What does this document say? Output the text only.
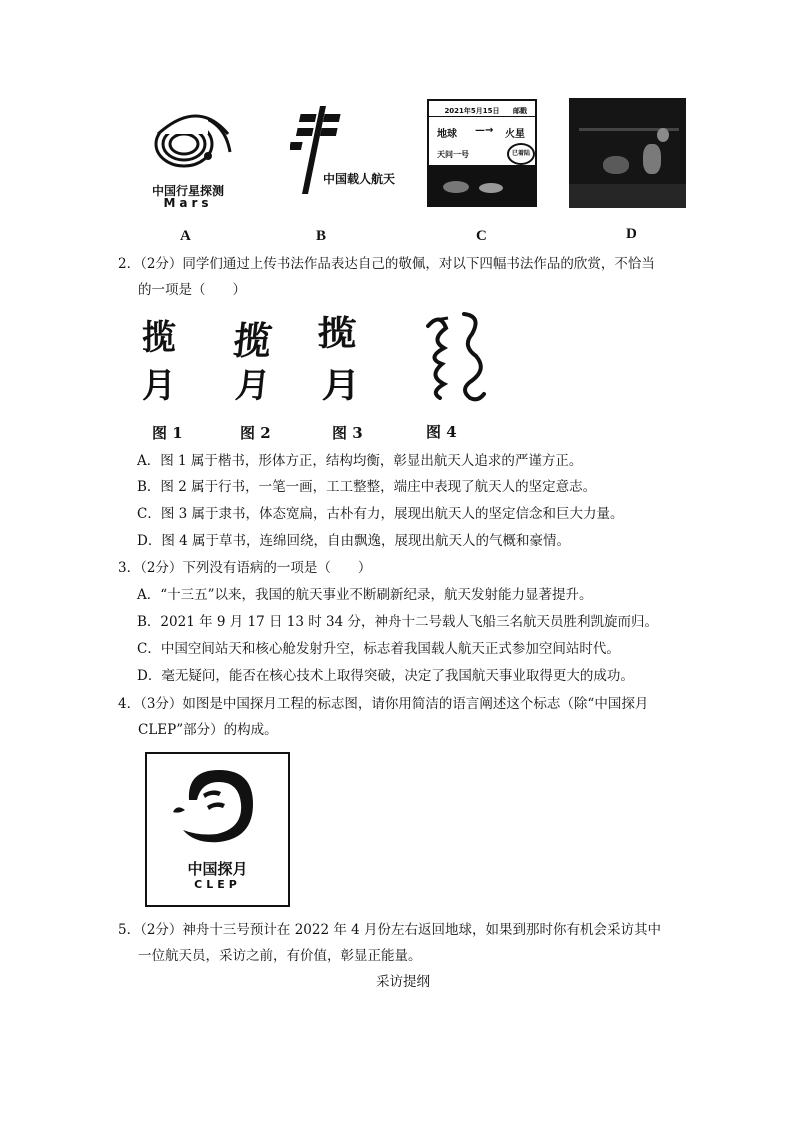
中国行星探测
Mars
A
中国载人航天
B
2021年5月15日	邮戳
地球 —→ 火星
天问一号	已着陆
C	D
2．（2分）同学们通过上传书法作品表达自己的敬佩，对以下四幅书法作品的欣赏，不恰当
的一项是（　　）
揽
月
揽
月
揽
月
图 1	图 2	图 3	图 4
A．图 1 属于楷书，形体方正，结构均衡，彰显出航天人追求的严谨方正。
B．图 2 属于行书，一笔一画，工工整整，端庄中表现了航天人的坚定意志。
C．图 3 属于隶书，体态宽扁，古朴有力，展现出航天人的坚定信念和巨大力量。
D．图 4 属于草书，连绵回绕，自由飘逸，展现出航天人的气概和豪情。
3．（2分）下列没有语病的一项是（　　）
A．“十三五”以来，我国的航天事业不断刷新纪录，航天发射能力显著提升。
B．2021 年 9 月 17 日 13 时 34 分，神舟十二号载人飞船三名航天员胜利凯旋而归。
C．中国空间站天和核心舱发射升空，标志着我国载人航天正式参加空间站时代。
D．毫无疑问，能否在核心技术上取得突破，决定了我国航天事业取得更大的成功。
4．（3分）如图是中国探月工程的标志图，请你用简洁的语言阐述这个标志（除“中国探月
CLEP”部分）的构成。
中国探月
CLEP
5．（2分）神舟十三号预计在 2022 年 4 月份左右返回地球，如果到那时你有机会采访其中
一位航天员，采访之前，有价值，彰显正能量。
采访提纲
